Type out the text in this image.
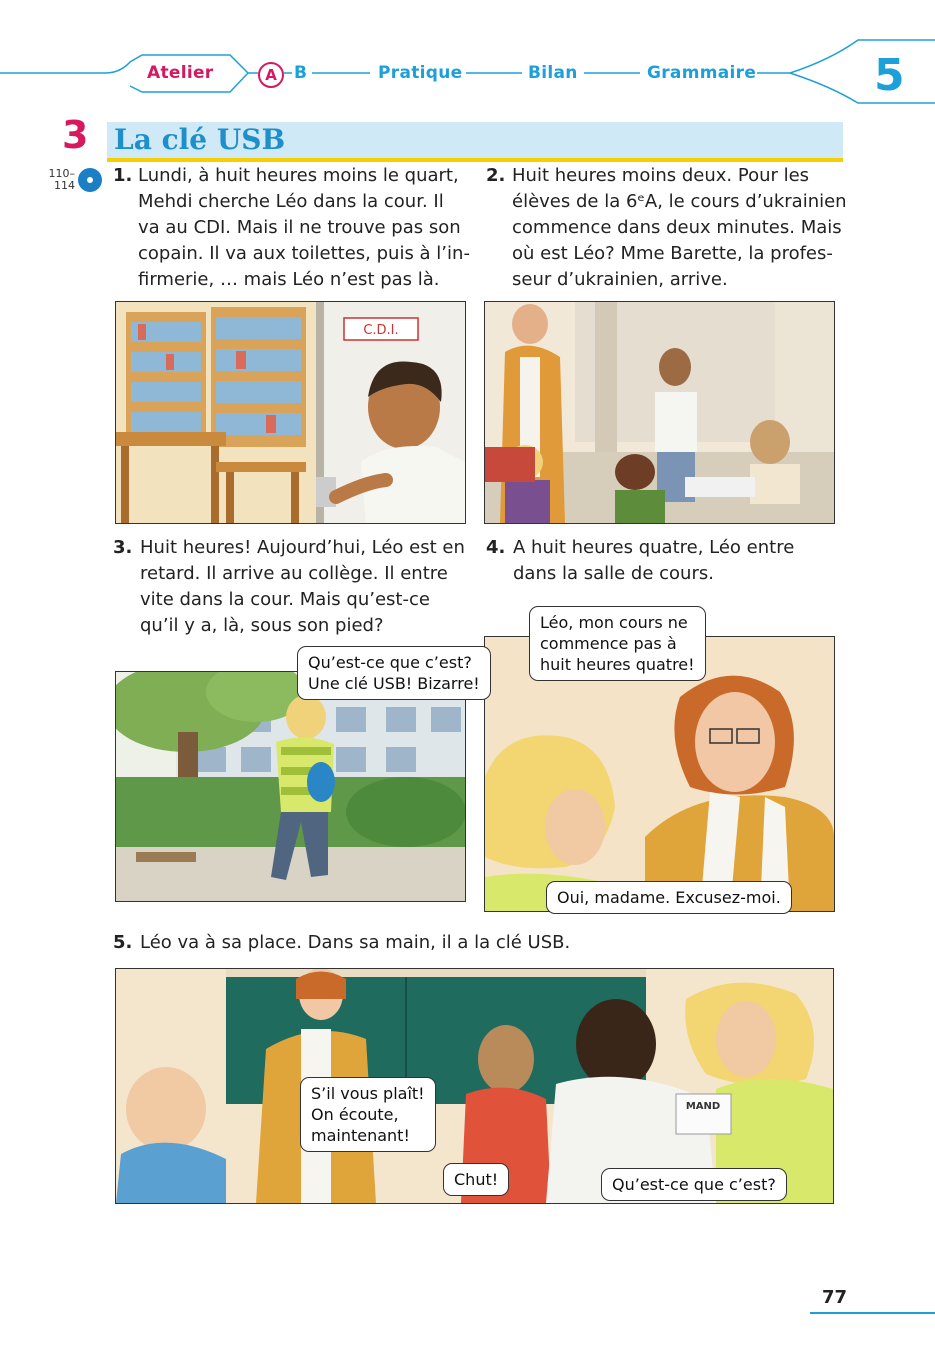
Atelier	A	B	Pratique	Bilan	Grammaire	5
3 La clé USB
110–
114 1. Lundi, à huit heures moins le quart,
Mehdi cherche Léo dans la cour. Il
va au CDI. Mais il ne trouve pas son
copain. Il va aux toilettes, puis à l’in-
firmerie, … mais Léo n’est pas là.
2. Huit heures moins deux. Pour les
élèves de la 6ᵉA, le cours d’ukrainien
commence dans deux minutes. Mais
où est Léo? Mme Barette, la profes-
seur d’ukrainien, arrive.
C.D.I.
3. Huit heures! Aujourd’hui, Léo est en
retard. Il arrive au collège. Il entre
vite dans la cour. Mais qu’est-ce
qu’il y a, là, sous son pied?
4. A huit heures quatre, Léo entre
dans la salle de cours.
5. Léo va à sa place. Dans sa main, il a la clé USB.
MAND
Qu’est-ce que c’est?
Une clé USB! Bizarre!
Léo, mon cours ne
commence pas à
huit heures quatre!
Oui, madame. Excusez-moi.
S’il vous plaît!
On écoute,
maintenant!
Chut!	Qu’est-ce que c’est?
77
